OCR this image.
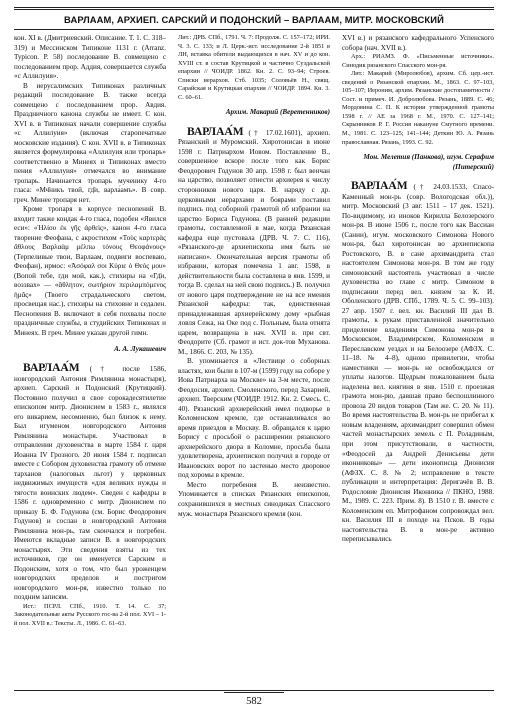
ВАРЛААМ, АРХИЕП. САРСКИЙ И ПОДОНСКИЙ – ВАРЛААМ, МИТР. МОСКОВСКИЙ

кон. XI в. (Дмитриевский. Описание. Т. 1. С. 318–319) и Мессинском Типиконе 1131 г. (Arranz. Typicon. P. 58) последование В. совмещено с последованием прор. Аддия, совершается служба «с Аллилуия».

В иерусалимских Типиконах различных редакций последование В. также всегда совмещено с последованием прор. Авдия. Праздничного канона службы не имеет. С кон. XVI в. в Типиконах начали совершение службы «с Аллилуия» (включая старопечатные московские издания). С кон. XVII в. в Типиконах является формулировка «Аллилуия или тропарь» соответственно в Минеях и Типиконах вместо пения «Аллилуия» отмечался во внимание тропарь. Начинается тропарь мученику 4-го гласа: «Мч҃никъ твой, гд҃и, варла́амъ». В совр. греч. Минее тропаря нет.

Кроме тропаря в корпусе песнопений В. входит также кондак 4-го гласа, подобен «Явился еси»: «Ἡλίου ἐκ γῆς ἀρθεὶς», канон 4-го гласа творение Феофана, с акростихом «Τοὺς καρτερὰς ἄθλους Βαρλαὰμ μέλπω τόνους Θεοφάνους» (Терпеливые твои, Варлаам, подвиги воспеваю, Феофан), ирмос: «Ἀσόφαλ σοι Κύριε ὁ Θεὸς μου» (Вопой тебе, гди мой, как.), стихиры на «Гд҃и, воззвах» — «ἄθλητον, σωτήριον περιλαμπόμενος ἡμᾶς» (Твоего страдальческого светом, просвещая нас.), стихиры на стиховне и седален. Песнопения В. включают в себя похвалы после праздничные службы, в студийских Типиконах и Минеях. В греч. Минее указан другой гимн.

А. А. Лукашевич

ВАРЛАА́М († после 1586, новгородский Антония Римлянина монастыря), архиеп. Сарский и Подонский (Крутицкий). Постоянно получил в свое сорокадесятилетие епископом митр. Дионисием в 1583 г., являлся его викарием, несомненно, был близок к нему. Был игуменом новгородского Антония Римлянина монастыря. Участвовал в отправлении духовенства в марте 1584 г. царя Иоанна IV Грозного. 20 июня 1584 г. подписал вместе с Собором духовенства грамоту об отмене тарханов (налоговых льгот) у церковных недвижимых имуществ «для великих нужды и тягости воинских людем». Сведен с кафедры в 1586 г. одновременно с митр. Дионисием по приказу Б. Ф. Годунова (см. Борис Феодорович Годунов) и сослан в новгородский Антония Римлянина мон-рь, там скончался и погребен. Имеются вкладные записи В. в новгородских монастырях. Эти сведения взяты из тех источников, где он именуется Сарским и Подонским, хотя о том, что был уроженцем новгородских пределов и постригом новгородского мон-ря, известно только по поздним записям.

Ист.: ПСРЛ. СПб., 1910. Т. 14. С. 37; Законодательные акты Русского гос-ва 2-й пол. XVI – 1-й пол. XVII в.: Тексты. Л., 1986. С. 61–63.

Лит.: ДРВ. СПб., 1791. Ч. 7: Продолж. С. 157–172; ИРИ. Ч. 3. С. 133; и Л. Церк.-ист. исследование 2-й 1851 в ЛН, вставка обители выдающихся в нач. XV и до кон. XVIII ст. в состав Крутицкой и частично Суздальской епархии // ЧОИДР. 1862. Кн. 2. С. 93–94; Строев. Списки иерархов. Стб. 1035; Соловьёв Н., свящ. Сарайская и Крутицкая епархия // ЧОИДР. 1894. Кн. 3. С. 60–61.

Архим. Макарий (Веретенников)

ВАРЛАА́М († 17.02.1601), архиеп. Рязанский и Муромский. Хиротонисан в июне 1598 г. Патриархом Иовом. Поставление В., совершенное вскоре после того как Борис Феодорович Годунов 30 апр. 1598 г. был венчан на царство, позволяет отнести архиерея к числу сторонников нового царя. В. наряду с др. церковными иерархами и боярами поставил подпись под соборной грамотой об избрании на царство Бориса Годунова. (В ранней редакции грамоты, составленной в мае, когда Рязанская кафедра еще пустовала (ДРВ. Ч. 7. С. 116), «Рязанского-де архиепископа имя быть не написано». Окончательная версия грамоты об избрании, которая помечена 1 авг. 1598, в действительности была составлена в янв. 1599, и тогда В. сделал на ней свою подпись.) В. получил от нового царя подтверждение не на все имения Рязанской кафедры: так, единственная принадлежавшая архиерейскому дому «рыбная ловля Сежа, на Оке под с. Польным, была отнята царем, возвращена в нач. XVII в. при свт. Феодорите (Сб. грамот и ист. док-тов Муханова. М., 1866. С. 203, № 135).

В. упоминается в «Лествице о соборных властях, кои были в 107-м (1599) году на соборе у Иова Патриарха на Москве» на 3-м месте, после Феодосия, архиеп. Смоленского, перед Захарией, архиеп. Тверским (ЧОИДР. 1912. Кн. 2. Смесь. С. 40). Рязанский архиерейский имел подворье в Коломенском кремле, где останавливался во время приездов в Москву. В. обращался к царю Борису с просьбой о расширении рязанского архиерейского двора в Коломне, просьба была удовлетворена, архиепископ получил в городе от Ивановских ворот по застенью место дворовое под хоромы в кремле.

Место погребения В. неизвестно. Упоминается в списках Рязанских епископов, сохранившихся в местных синодиках Спасского муж. монастыря Рязанского кремля (кон.

XVI в.) и рязанского кафедрального Успенского собора (нач. XVII в.).

Арх.: РИАМЗ. Ф. «Письменные источники». Синодик рязанского Спасского мон-ря.

Лит.: Макарий (Миролюбов), архим. Сб. цер.-ист. сведений о Рязанской епархии. М., 1863. С. 97–103, 105–107; Иероним, архим. Рязанские достопамятности / Сост. и примеч. И. Добролюбова. Рязань, 1889. С. 46; Мордовина С. П. К истории утвержденной грамоты 1598 г. // АЕ за 1968 г. М., 1970. С. 127–141; Скрынников Р. Г. Россия накануне Смутного времени. М., 1981. С. 123–125; 141–144; Деткин Ю. А. Рязань православная. Рязань, 1993. С. 92.

Мон. Мелетия (Панкова), игум. Серафим (Питерский)

ВАРЛАА́М († 24.03.1533, Спасо-Каменный мон-рь (совр. Вологодская обл.)), митр. Московский (3 авг. 1511 – 17 дек. 1521). По-видимому, из иноков Кирилла Белозерского мон-ря. В июне 1506 г., после того как Вассиан (Санин), игум. московского Симонова Нового мон-ря, был хиротонисан во архиепископа Ростовского, В. в сане архимандрита стал настоятелем Симонова мон-ря. В том же году симоновский настоятель участвовал в числе духовенства во главе с митр. Симоном в подписании перед вел. князем за К. И. Оболенского (ДРВ. СПб., 1789. Ч. 5. С. 99–103). 27 апр. 1507 г. вел. кн. Василий III дал В. грамоты, к рукам приставленной значительно приделение владениям Симонова мон-ря в Московском, Владимирском, Коломенском и Переславском уездах и на Белоозере (АФЗХ. С. 11–18. № 4–8), одною привилегии, чтобы наместники — мон-рь не освобождался от уплаты налогов. Щедрым пожалованием была наделена вел. княгиня в янв. 1510 г. проезжая грамота мон-рю, давшая право беспошлинного провоза 20 видов товаров (Там же. С. 20. № 11). Во время настоятельства В. мон-рь не прибегал к новым владениям, архимандрит совершил обмен частей монастырских земель с П. Роладиным, при этом присутствовали, в частности, «Феодосей да Андрей Денисьевы дети иконниковы» — дети иконописца Дионисия (АФЗХ. С. 8. № 2; исправление в тексте публикации и интерпретация: Деригачёв В. В. Родословие Дионисия Иконника // ПКНО, 1988. М., 1989. С. 223. Прим. 8). В 1510 г. В. вместе с Коломенским еп. Митрофаном сопровождал вел. кн. Василия III в походе на Псков. В годы настоятельства В. в мон-ре активно переписывались

582
